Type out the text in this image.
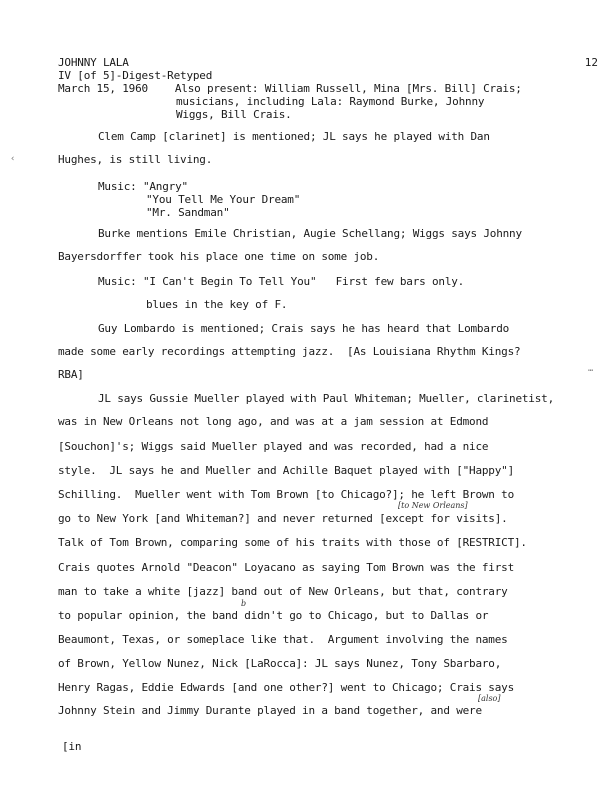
JOHNNY LALA	12
IV [of 5]-Digest-Retyped
March 15, 1960 Also present: William Russell, Mina [Mrs. Bill] Crais;
musicians, including Lala: Raymond Burke, Johnny
Wiggs, Bill Crais.
Clem Camp [clarinet] is mentioned; JL says he played with Dan
Hughes, is still living.
Music: "Angry"
"You Tell Me Your Dream"
"Mr. Sandman"
Burke mentions Emile Christian, Augie Schellang; Wiggs says Johnny
Bayersdorffer took his place one time on some job.
Music: "I Can't Begin To Tell You"   First few bars only.
blues in the key of F.
Guy Lombardo is mentioned; Crais says he has heard that Lombardo
made some early recordings attempting jazz.  [As Louisiana Rhythm Kings?
RBA]
JL says Gussie Mueller played with Paul Whiteman; Mueller, clarinetist,
was in New Orleans not long ago, and was at a jam session at Edmond
[Souchon]'s; Wiggs said Mueller played and was recorded, had a nice
style.  JL says he and Mueller and Achille Baquet played with ["Happy"]
Schilling.  Mueller went with Tom Brown [to Chicago?]; he left Brown to
[to New Orleans]
go to New York [and Whiteman?] and never returned [except for visits].
Talk of Tom Brown, comparing some of his traits with those of [RESTRICT].
Crais quotes Arnold "Deacon" Loyacano as saying Tom Brown was the first
man to take a white [jazz] band out of New Orleans, but that, contrary
b
to popular opinion, the band didn't go to Chicago, but to Dallas or
Beaumont, Texas, or someplace like that.  Argument involving the names
of Brown, Yellow Nunez, Nick [LaRocca]: JL says Nunez, Tony Sbarbaro,
Henry Ragas, Eddie Edwards [and one other?] went to Chicago; Crais says
[also]
Johnny Stein and Jimmy Durante played in a band together, and were
[in
‹
⋯
